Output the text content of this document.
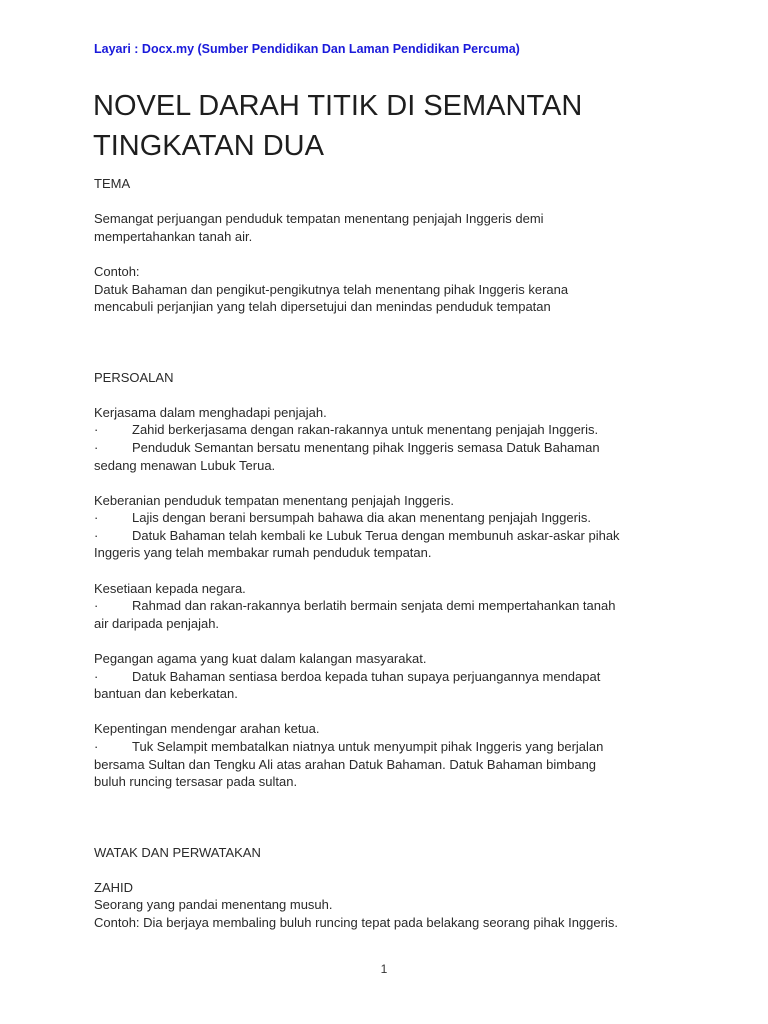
Layari : Docx.my (Sumber Pendidikan Dan Laman Pendidikan Percuma)
NOVEL DARAH TITIK DI SEMANTAN
TINGKATAN DUA
TEMA
Semangat perjuangan penduduk tempatan menentang penjajah Inggeris demi
mempertahankan tanah air.
Contoh:
Datuk Bahaman dan pengikut-pengikutnya telah menentang pihak Inggeris kerana
mencabuli perjanjian yang telah dipersetujui dan menindas penduduk tempatan
PERSOALAN
Kerjasama dalam menghadapi penjajah.
·	Zahid berkerjasama dengan rakan-rakannya untuk menentang penjajah Inggeris.
·	Penduduk Semantan bersatu menentang pihak Inggeris semasa Datuk Bahaman
sedang menawan Lubuk Terua.
Keberanian penduduk tempatan menentang penjajah Inggeris.
·	Lajis dengan berani bersumpah bahawa dia akan menentang penjajah Inggeris.
·	Datuk Bahaman telah kembali ke Lubuk Terua dengan membunuh askar-askar pihak
Inggeris yang telah membakar rumah penduduk tempatan.
Kesetiaan kepada negara.
·	Rahmad dan rakan-rakannya berlatih bermain senjata demi mempertahankan tanah
air daripada penjajah.
Pegangan agama yang kuat dalam kalangan masyarakat.
·	Datuk Bahaman sentiasa berdoa kepada tuhan supaya perjuangannya mendapat
bantuan dan keberkatan.
Kepentingan mendengar arahan ketua.
·	Tuk Selampit membatalkan niatnya untuk menyumpit pihak Inggeris yang berjalan
bersama Sultan dan Tengku Ali atas arahan Datuk Bahaman. Datuk Bahaman bimbang
buluh runcing tersasar pada sultan.
WATAK DAN PERWATAKAN
ZAHID
Seorang yang pandai menentang musuh.
Contoh: Dia berjaya membaling buluh runcing tepat pada belakang seorang pihak Inggeris.
1
